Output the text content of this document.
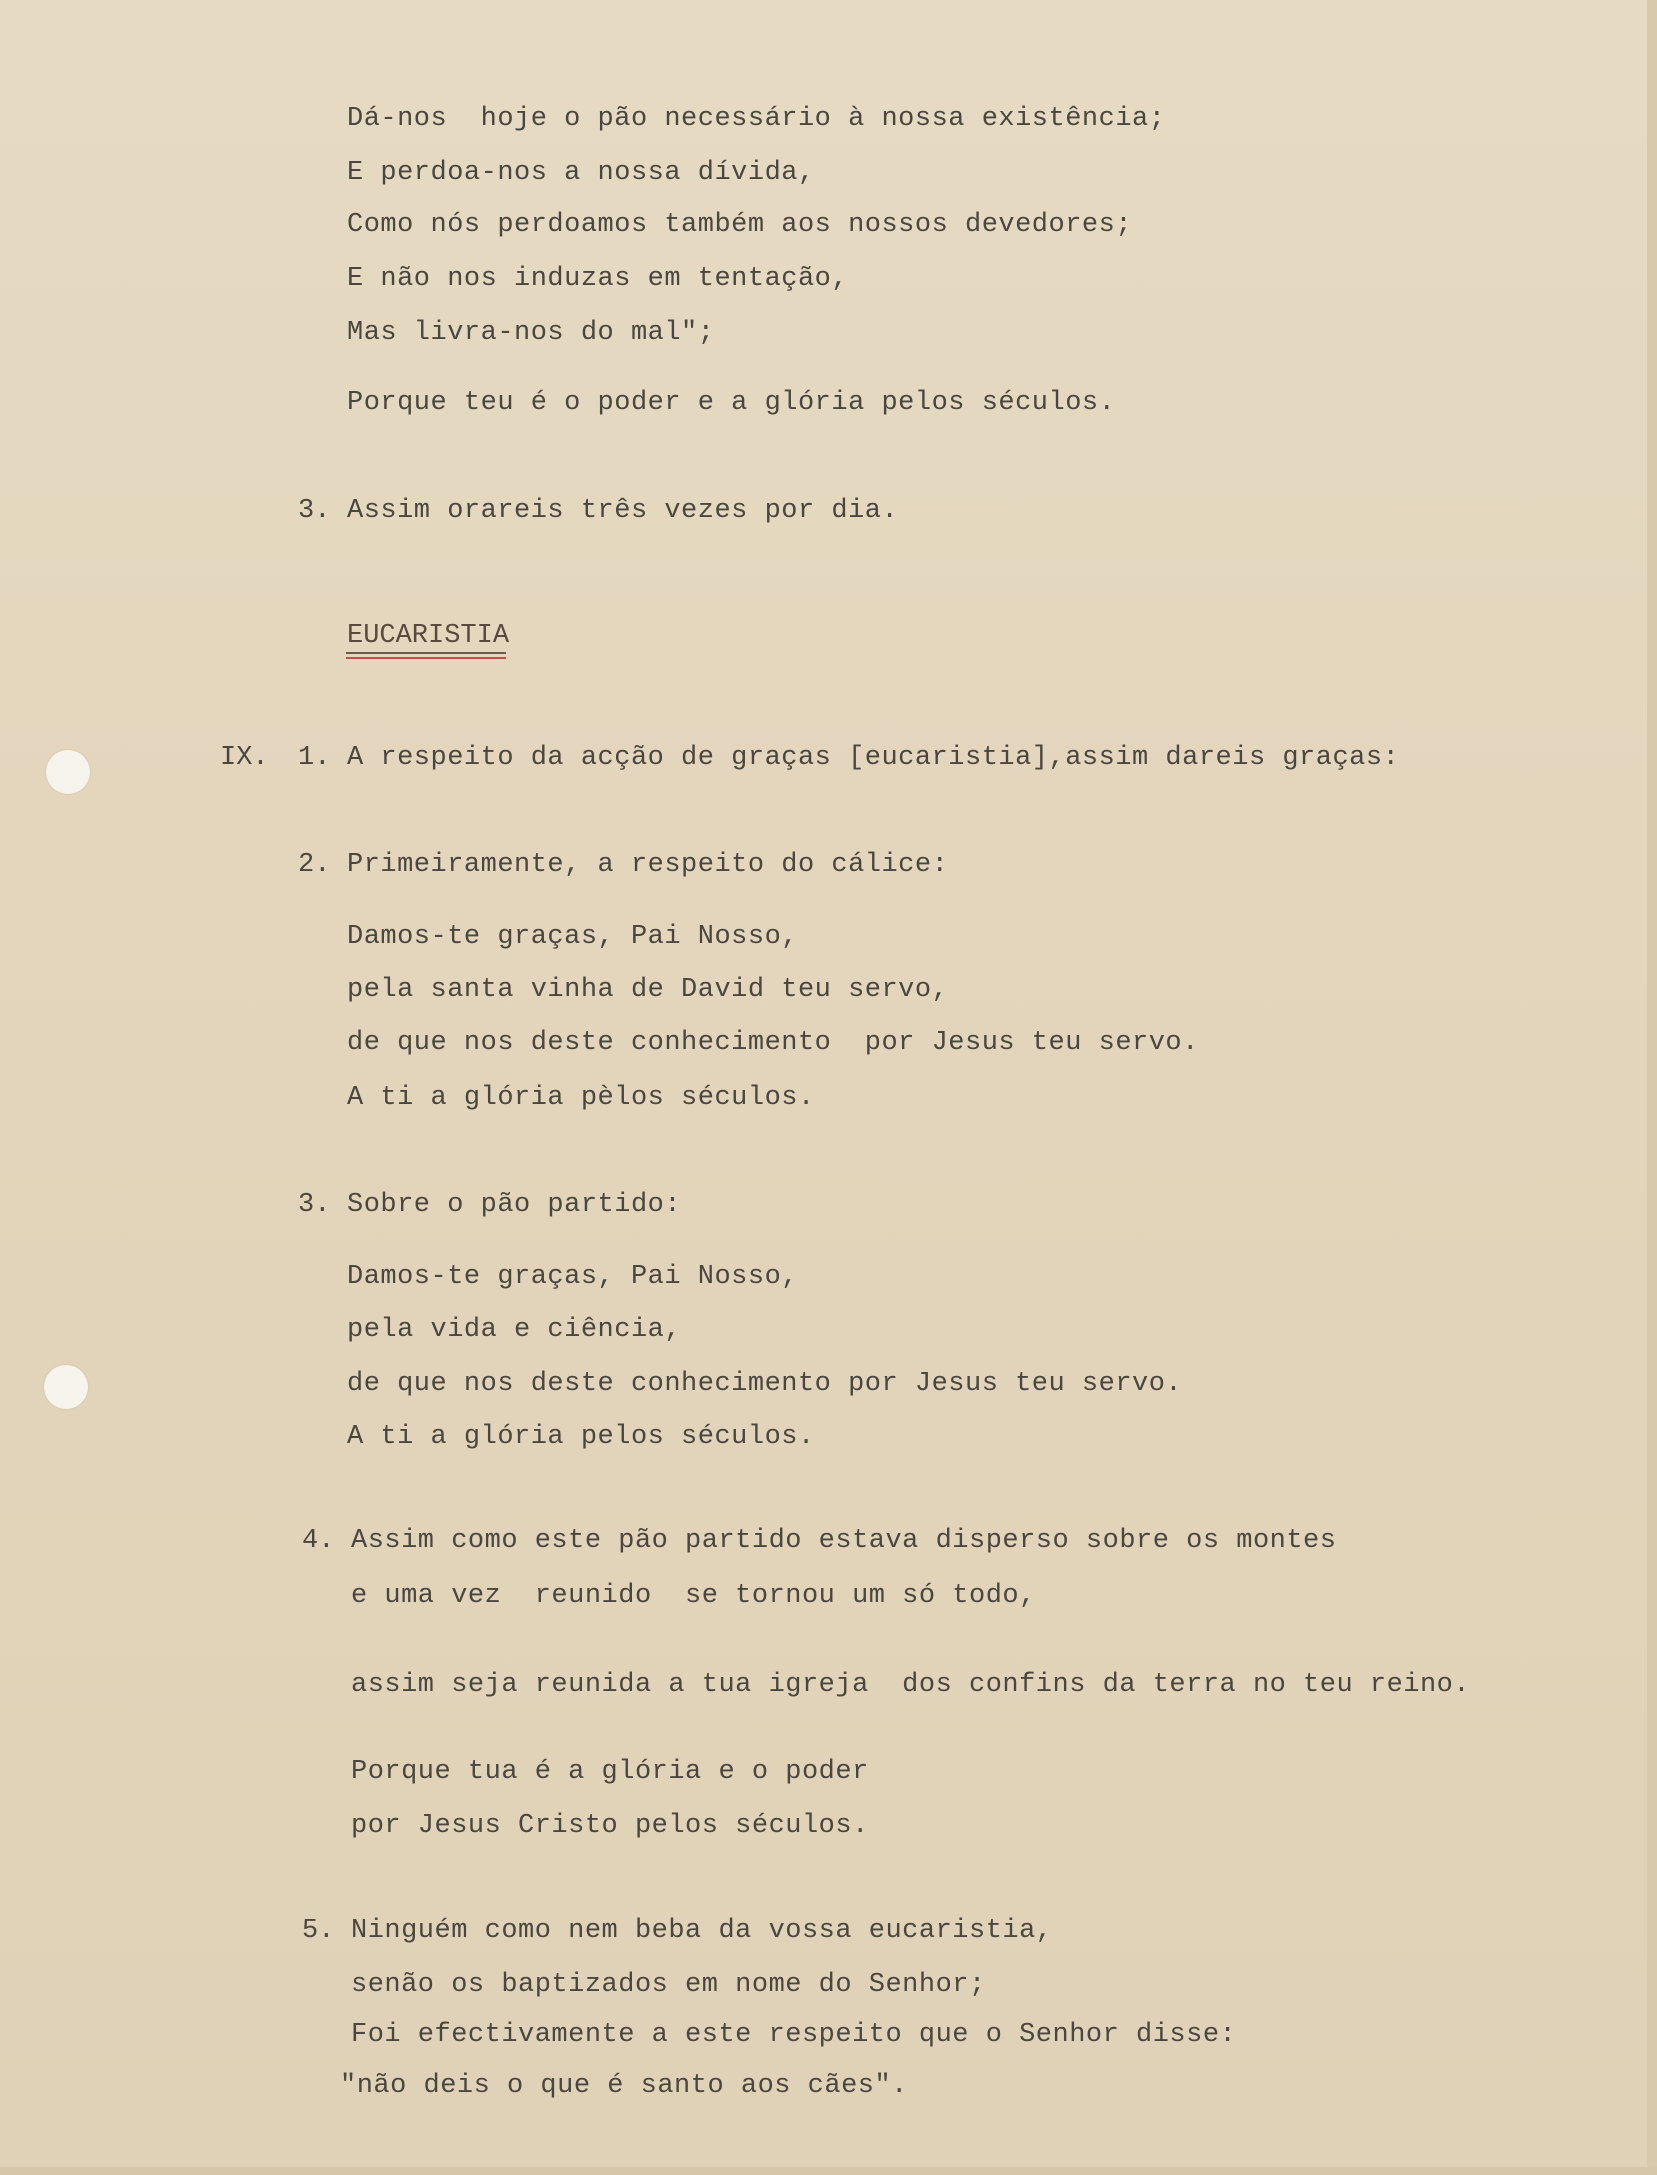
Dá-nos  hoje o pão necessário à nossa existência;
E perdoa-nos a nossa dívida,
Como nós perdoamos também aos nossos devedores;
E não nos induzas em tentação,
Mas livra-nos do mal";
Porque teu é o poder e a glória pelos séculos.
3. Assim orareis três vezes por dia.
EUCARISTIA
IX. 1. A respeito da acção de graças [eucaristia],assim dareis graças:
2. Primeiramente, a respeito do cálice:
Damos-te graças, Pai Nosso,
pela santa vinha de David teu servo,
de que nos deste conhecimento  por Jesus teu servo.
A ti a glória pèlos séculos.
3. Sobre o pão partido:
Damos-te graças, Pai Nosso,
pela vida e ciência,
de que nos deste conhecimento por Jesus teu servo.
A ti a glória pelos séculos.
4. Assim como este pão partido estava disperso sobre os montes
e uma vez  reunido  se tornou um só todo,
assim seja reunida a tua igreja  dos confins da terra no teu reino.
Porque tua é a glória e o poder
por Jesus Cristo pelos séculos.
5. Ninguém como nem beba da vossa eucaristia,
senão os baptizados em nome do Senhor;
Foi efectivamente a este respeito que o Senhor disse:
"não deis o que é santo aos cães".
